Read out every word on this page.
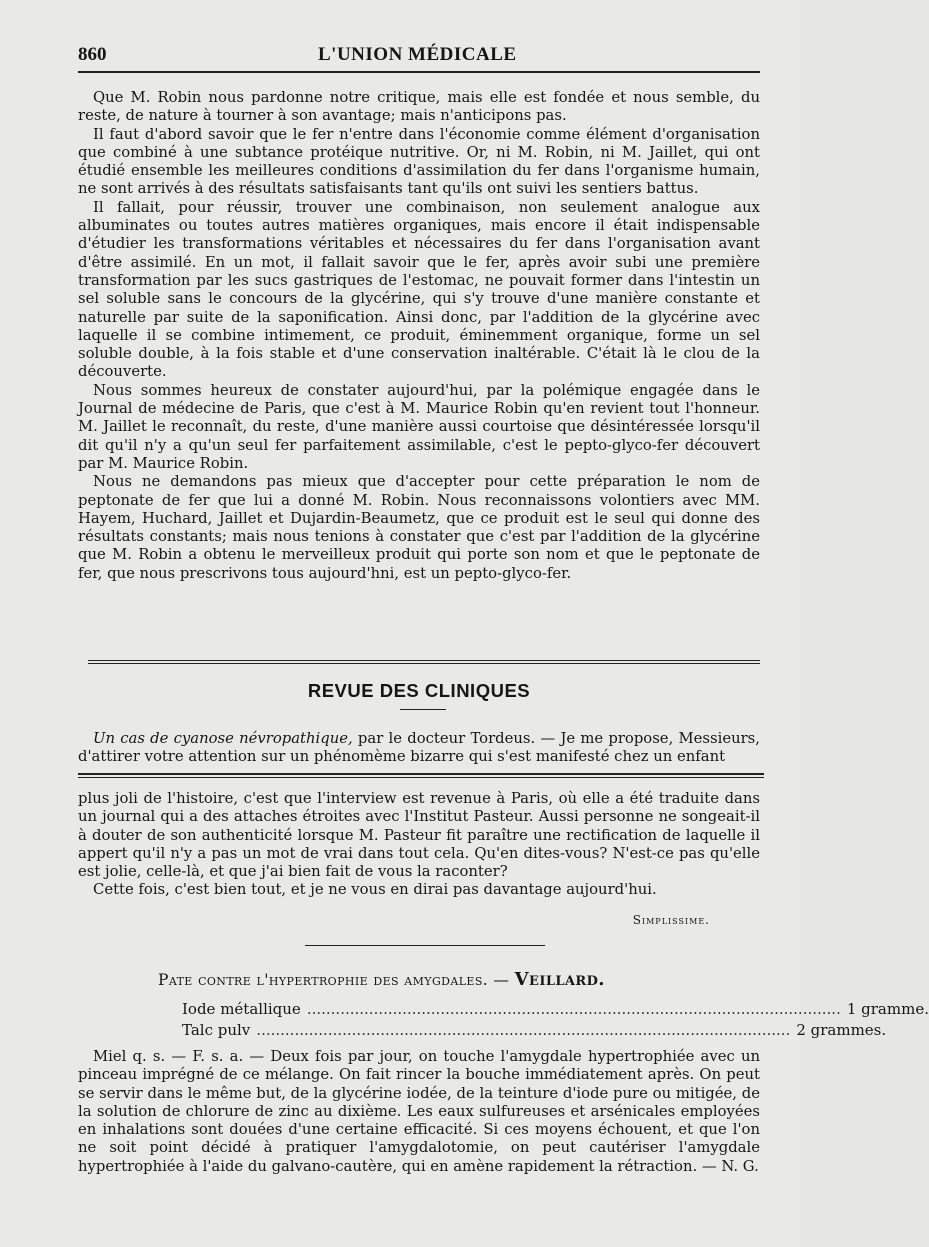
860	L'UNION MÉDICALE

Que M. Robin nous pardonne notre critique, mais elle est fondée et nous semble, du reste, de nature à tourner à son avantage; mais n'anticipons pas.

Il faut d'abord savoir que le fer n'entre dans l'économie comme élément d'organisation que combiné à une subtance protéique nutritive. Or, ni M. Robin, ni M. Jaillet, qui ont étudié ensemble les meilleures conditions d'assimilation du fer dans l'organisme humain, ne sont arrivés à des résultats satisfaisants tant qu'ils ont suivi les sentiers battus.

Il fallait, pour réussir, trouver une combinaison, non seulement analogue aux albuminates ou toutes autres matières organiques, mais encore il était indispensable d'étudier les transformations véritables et nécessaires du fer dans l'organisation avant d'être assimilé. En un mot, il fallait savoir que le fer, après avoir subi une première transformation par les sucs gastriques de l'estomac, ne pouvait former dans l'intestin un sel soluble sans le concours de la glycérine, qui s'y trouve d'une manière constante et naturelle par suite de la saponification. Ainsi donc, par l'addition de la glycérine avec laquelle il se combine intimement, ce produit, éminemment organique, forme un sel soluble double, à la fois stable et d'une conservation inaltérable. C'était là le clou de la découverte.

Nous sommes heureux de constater aujourd'hui, par la polémique engagée dans le Journal de médecine de Paris, que c'est à M. Maurice Robin qu'en revient tout l'honneur. M. Jaillet le reconnaît, du reste, d'une manière aussi courtoise que désintéressée lorsqu'il dit qu'il n'y a qu'un seul fer parfaitement assimilable, c'est le pepto-glyco-fer découvert par M. Maurice Robin.

Nous ne demandons pas mieux que d'accepter pour cette préparation le nom de peptonate de fer que lui a donné M. Robin. Nous reconnaissons volontiers avec MM. Hayem, Huchard, Jaillet et Dujardin-Beaumetz, que ce produit est le seul qui donne des résultats constants; mais nous tenions à constater que c'est par l'addition de la glycérine que M. Robin a obtenu le merveilleux produit qui porte son nom et que le peptonate de fer, que nous prescrivons tous aujourd'hni, est un pepto-glyco-fer.

REVUE DES CLINIQUES

Un cas de cyanose névropathique, par le docteur Tordeus. — Je me propose, Messieurs, d'attirer votre attention sur un phénomème bizarre qui s'est manifesté chez un enfant

plus joli de l'histoire, c'est que l'interview est revenue à Paris, où elle a été traduite dans un journal qui a des attaches étroites avec l'Institut Pasteur. Aussi personne ne songeait-il à douter de son authenticité lorsque M. Pasteur fit paraître une rectification de laquelle il appert qu'il n'y a pas un mot de vrai dans tout cela. Qu'en dites-vous? N'est-ce pas qu'elle est jolie, celle-là, et que j'ai bien fait de vous la raconter?

Cette fois, c'est bien tout, et je ne vous en dirai pas davantage aujourd'hui.

Simplissime.
Pate contre l'hypertrophie des amygdales. — Veillard.
Iode métallique ................................................................................................................ 1 gramme.
Talc pulv ................................................................................................................ 2 grammes.

Miel q. s. — F. s. a. — Deux fois par jour, on touche l'amygdale hypertrophiée avec un pinceau imprégné de ce mélange. On fait rincer la bouche immédiatement après. On peut se servir dans le même but, de la glycérine iodée, de la teinture d'iode pure ou mitigée, de la solution de chlorure de zinc au dixième. Les eaux sulfureuses et arsénicales employées en inhalations sont douées d'une certaine efficacité. Si ces moyens échouent, et que l'on ne soit point décidé à pratiquer l'amygdalotomie, on peut cautériser l'amygdale hypertrophiée à l'aide du galvano-cautère, qui en amène rapidement la rétraction. — N. G.
